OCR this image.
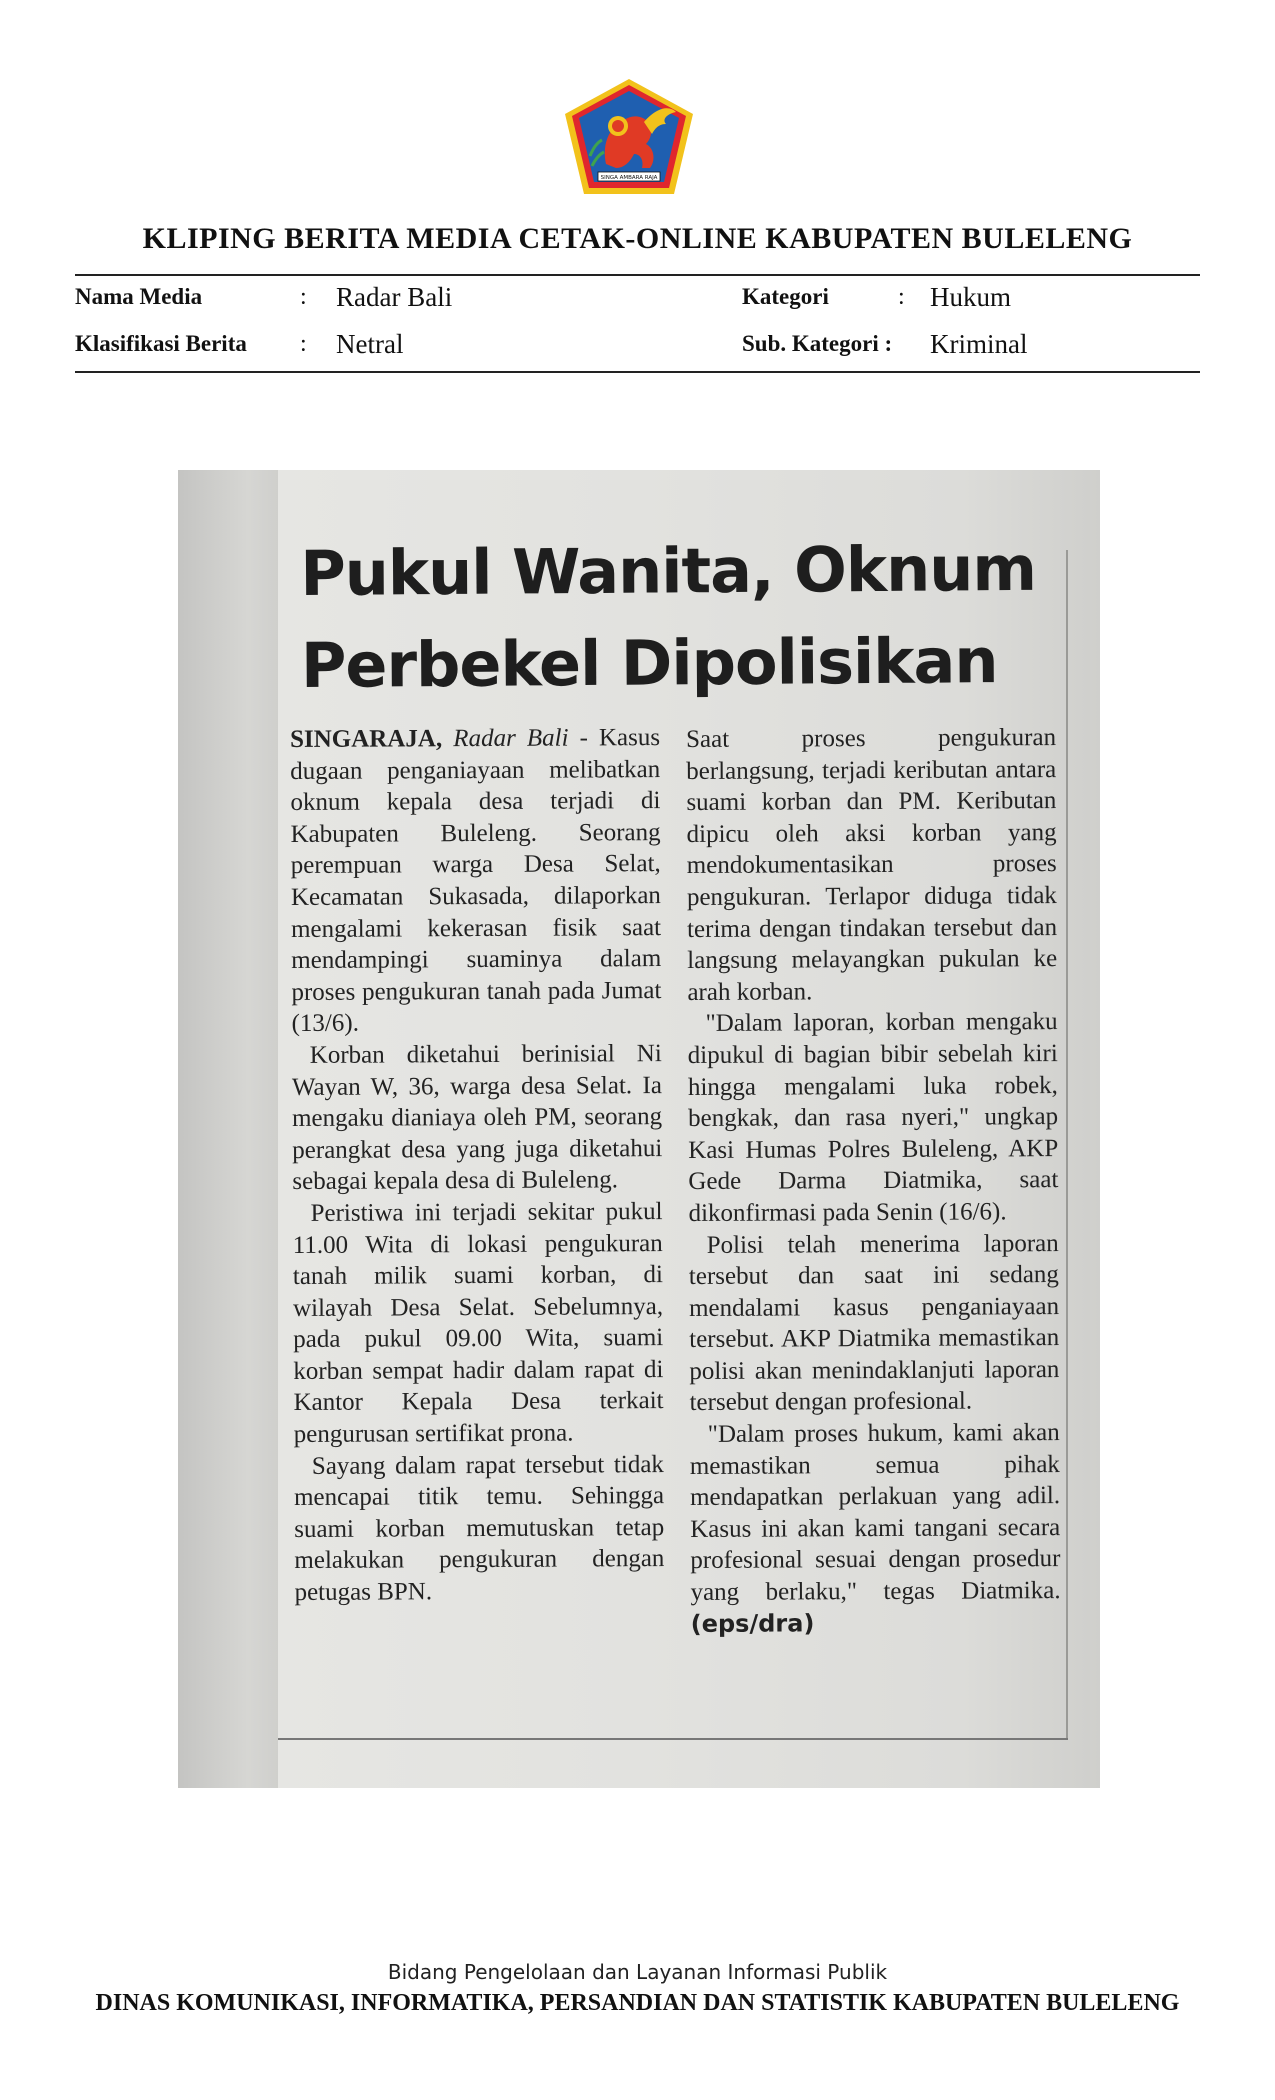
SINGA AMBARA RAJA
KLIPING BERITA MEDIA CETAK-ONLINE KABUPATEN BULELENG
Nama Media	: Radar Bali	Kategori	: Hukum
Klasifikasi Berita : Netral	Sub. Kategori : Kriminal
Pukul Wanita, Oknum
Perbekel Dipolisikan

SINGARAJA, Radar Bali - Kasus dugaan penganiayaan melibatkan oknum kepala desa terjadi di Kabupaten Buleleng. Seorang perempuan warga Desa Selat, Kecamatan Sukasada, dilaporkan mengalami kekerasan fisik saat mendampingi suaminya dalam proses pengukuran tanah pada Jumat (13/6).

Korban diketahui berinisial Ni Wayan W, 36, warga desa Selat. Ia mengaku dianiaya oleh PM, seorang perangkat desa yang juga diketahui sebagai kepala desa di Buleleng.

Peristiwa ini terjadi sekitar pukul 11.00 Wita di lokasi pengukuran tanah milik suami korban, di wilayah Desa Selat. Sebelumnya, pada pukul 09.00 Wita, suami korban sempat hadir dalam rapat di Kantor Kepala Desa terkait pengurusan sertifikat prona.

Sayang dalam rapat tersebut tidak mencapai titik temu. Sehingga suami korban memutuskan tetap melakukan pengukuran dengan petugas BPN.

Saat proses pengukuran berlangsung, terjadi keributan antara suami korban dan PM. Keributan dipicu oleh aksi korban yang mendokumentasikan proses pengukuran. Terlapor diduga tidak terima dengan tindakan tersebut dan langsung melayangkan pukulan ke arah korban.

"Dalam laporan, korban mengaku dipukul di bagian bibir sebelah kiri hingga mengalami luka robek, bengkak, dan rasa nyeri," ungkap Kasi Humas Polres Buleleng, AKP Gede Darma Diatmika, saat dikonfirmasi pada Senin (16/6).

Polisi telah menerima laporan tersebut dan saat ini sedang mendalami kasus penganiayaan tersebut. AKP Diatmika memastikan polisi akan menindaklanjuti laporan tersebut dengan profesional.

"Dalam proses hukum, kami akan memastikan semua pihak mendapatkan perlakuan yang adil. Kasus ini akan kami tangani secara profesional sesuai dengan prosedur yang berlaku," tegas Diatmika. (eps/dra)

Bidang Pengelolaan dan Layanan Informasi Publik
DINAS KOMUNIKASI, INFORMATIKA, PERSANDIAN DAN STATISTIK KABUPATEN BULELENG
